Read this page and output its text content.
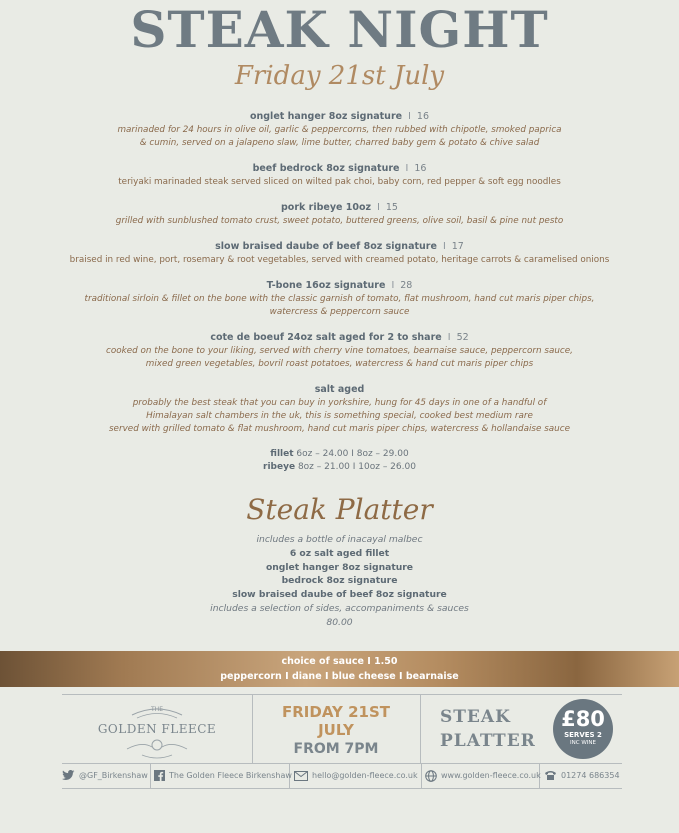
STEAK NIGHT
Friday 21st July
onglet hanger 8oz signature I 16
marinaded for 24 hours in olive oil, garlic & peppercorns, then rubbed with chipotle, smoked paprica
& cumin, served on a jalapeno slaw, lime butter, charred baby gem & potato & chive salad
beef bedrock 8oz signature I 16
teriyaki marinaded steak served sliced on wilted pak choi, baby corn, red pepper & soft egg noodles
pork ribeye 10oz I 15
grilled with sunblushed tomato crust, sweet potato, buttered greens, olive soil, basil & pine nut pesto
slow braised daube of beef 8oz signature I 17
braised in red wine, port, rosemary & root vegetables, served with creamed potato, heritage carrots & caramelised onions
T-bone 16oz signature I 28
traditional sirloin & fillet on the bone with the classic garnish of tomato, flat mushroom, hand cut maris piper chips,
watercress & peppercorn sauce
cote de boeuf 24oz salt aged for 2 to share I 52
cooked on the bone to your liking, served with cherry vine tomatoes, bearnaise sauce, peppercorn sauce,
mixed green vegetables, bovril roast potatoes, watercress & hand cut maris piper chips
salt aged
probably the best steak that you can buy in yorkshire, hung for 45 days in one of a handful of
Himalayan salt chambers in the uk, this is something special, cooked best medium rare
served with grilled tomato & flat mushroom, hand cut maris piper chips, watercress & hollandaise sauce
fillet 6oz – 24.00 I 8oz – 29.00
ribeye 8oz – 21.00 I 10oz – 26.00
Steak Platter
includes a bottle of inacayal malbec
6 oz salt aged fillet
onglet hanger 8oz signature
bedrock 8oz signature
slow braised daube of beef 8oz signature
includes a selection of sides, accompaniments & sauces
80.00
choice of sauce I 1.50
peppercorn I diane I blue cheese I bearnaise
THE
GOLDEN FLEECE
FRIDAY 21ST
JULY
FROM 7PM
STEAK
PLATTER
£80
SERVES 2
INC WINE
@GF_Birkenshaw	The Golden Fleece Birkenshaw	hello@golden-fleece.co.uk	www.golden-fleece.co.uk	01274 686354
